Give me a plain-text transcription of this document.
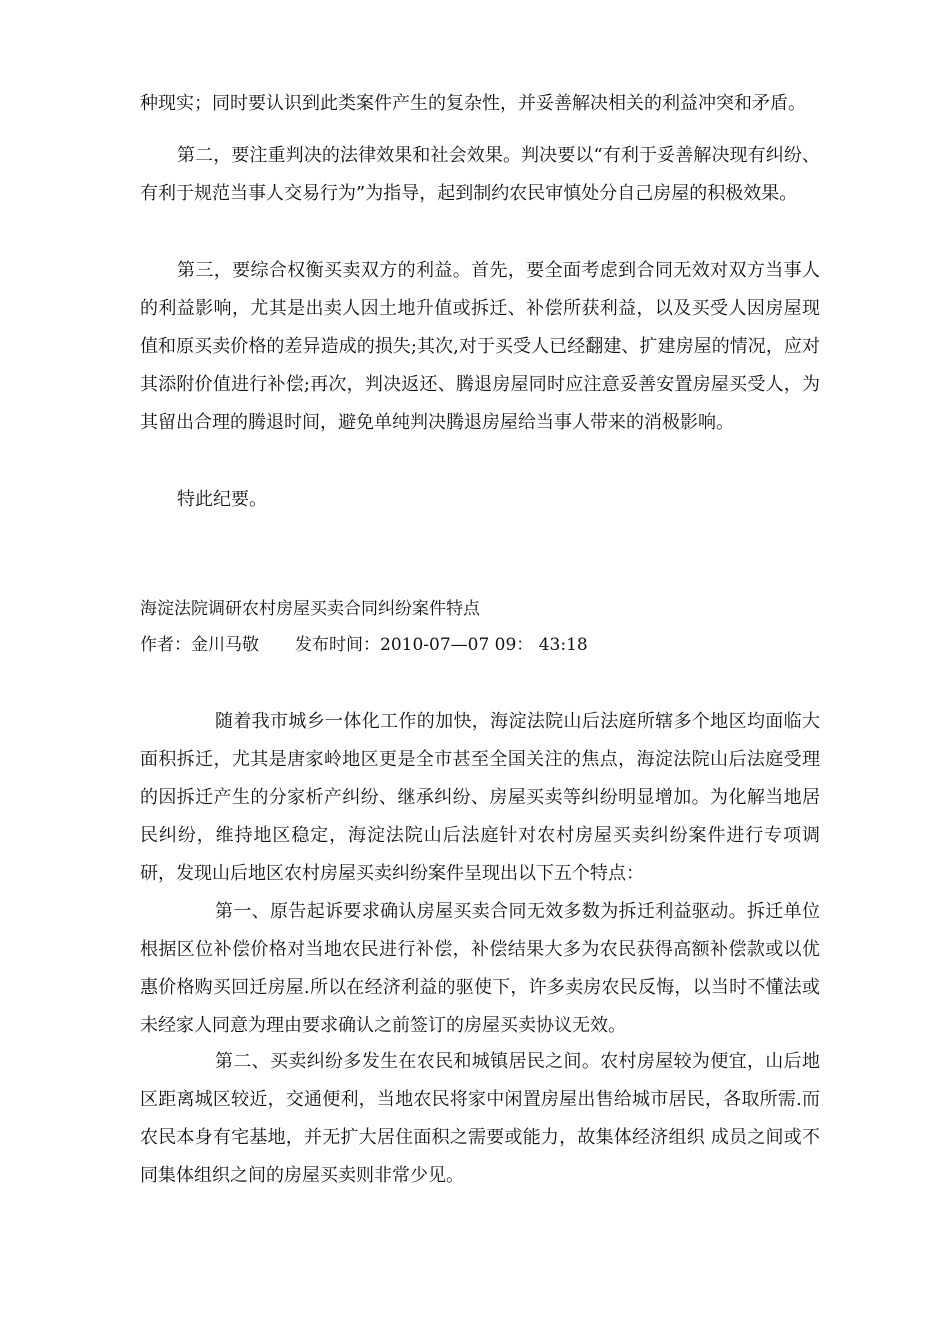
种现实；同时要认识到此类案件产生的复杂性，并妥善解决相关的利益冲突和矛盾。

第二，要注重判决的法律效果和社会效果。判决要以“有利于妥善解决现有纠纷、有利于规范当事人交易行为”为指导，起到制约农民审慎处分自己房屋的积极效果。

第三，要综合权衡买卖双方的利益。首先，要全面考虑到合同无效对双方当事人的利益影响，尤其是出卖人因土地升值或拆迁、补偿所获利益，以及买受人因房屋现值和原买卖价格的差异造成的损失;其次,对于买受人已经翻建、扩建房屋的情况，应对其添附价值进行补偿;再次，判决返还、腾退房屋同时应注意妥善安置房屋买受人，为其留出合理的腾退时间，避免单纯判决腾退房屋给当事人带来的消极影响。

特此纪要。

海淀法院调研农村房屋买卖合同纠纷案件特点

作者：金川马敬 发布时间：2010-07—07 09： 43:18

随着我市城乡一体化工作的加快，海淀法院山后法庭所辖多个地区均面临大面积拆迁，尤其是唐家岭地区更是全市甚至全国关注的焦点，海淀法院山后法庭受理的因拆迁产生的分家析产纠纷、继承纠纷、房屋买卖等纠纷明显增加。为化解当地居民纠纷，维持地区稳定，海淀法院山后法庭针对农村房屋买卖纠纷案件进行专项调研，发现山后地区农村房屋买卖纠纷案件呈现出以下五个特点：

第一、原告起诉要求确认房屋买卖合同无效多数为拆迁利益驱动。拆迁单位根据区位补偿价格对当地农民进行补偿，补偿结果大多为农民获得高额补偿款或以优惠价格购买回迁房屋.所以在经济利益的驱使下，许多卖房农民反悔，以当时不懂法或未经家人同意为理由要求确认之前签订的房屋买卖协议无效。

第二、买卖纠纷多发生在农民和城镇居民之间。农村房屋较为便宜，山后地区距离城区较近，交通便利，当地农民将家中闲置房屋出售给城市居民，各取所需.而农民本身有宅基地，并无扩大居住面积之需要或能力，故集体经济组织 成员之间或不同集体组织之间的房屋买卖则非常少见。
